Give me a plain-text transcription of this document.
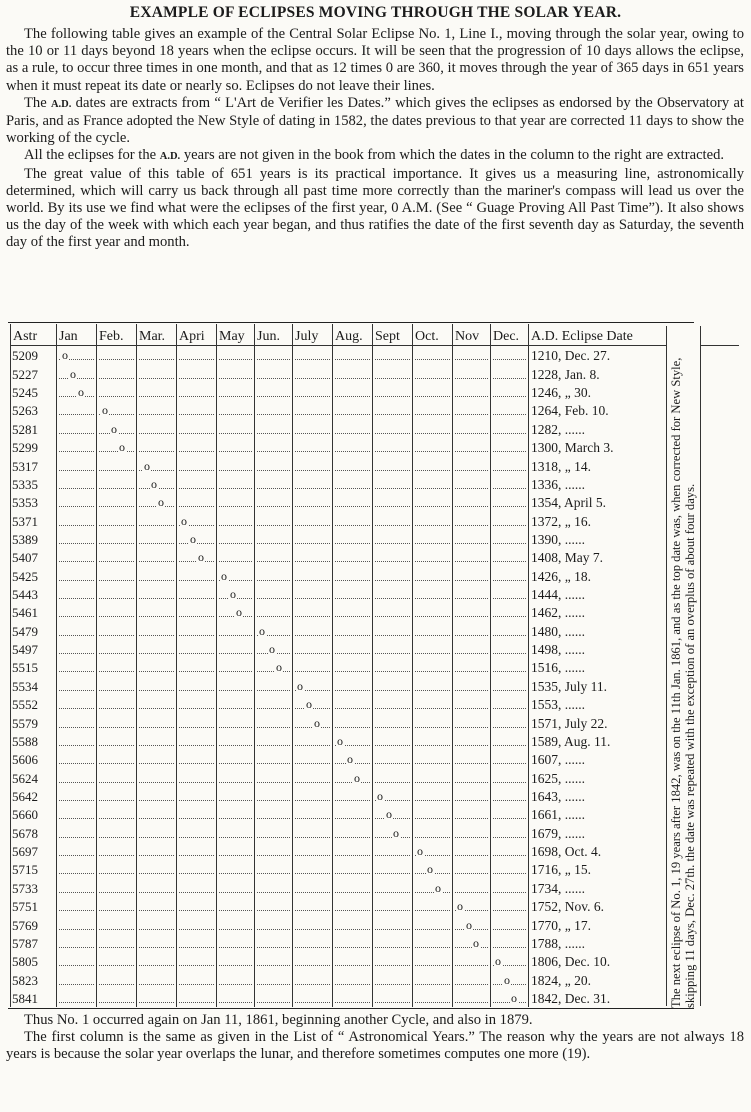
EXAMPLE OF ECLIPSES MOVING THROUGH THE SOLAR YEAR.

The following table gives an example of the Central Solar Eclipse No. 1, Line I., moving through the solar year, owing to the 10 or 11 days beyond 18 years when the eclipse occurs. It will be seen that the progression of 10 days allows the eclipse, as a rule, to occur three times in one month, and that as 12 times 0 are 360, it moves through the year of 365 days in 651 years when it must repeat its date or nearly so. Eclipses do not leave their lines.

The A.D. dates are extracts from “ L'Art de Verifier les Dates.” which gives the eclipses as endorsed by the Observatory at Paris, and as France adopted the New Style of dating in 1582, the dates previous to that year are corrected 11 days to show the working of the cycle.

All the eclipses for the A.D. years are not given in the book from which the dates in the column to the right are extracted.

The great value of this table of 651 years is its practical importance. It gives us a measuring line, astronomically determined, which will carry us back through all past time more correctly than the mariner's compass will lead us over the world. By its use we find what were the eclipses of the first year, 0 A.M. (See “ Guage Proving All Past Time”). It also shows us the day of the week with which each year began, and thus ratifies the date of the first seventh day as Saturday, the seventh day of the first year and month.

Astr	Jan	Feb.	Mar.	Apri	May	Jun.	July	Aug.	Sept	Oct.	Nov	Dec.	A.D. Eclipse Date
5209	o												1210, Dec. 27.
5227	o												1228, Jan. 8.
5245	o												1246, „ 30.
5263		o											1264, Feb. 10.
5281		o											1282, ......
5299		o											1300, March 3.
5317			o										1318, „ 14.
5335			o										1336, ......
5353			o										1354, April 5.
5371				o									1372, „ 16.
5389				o									1390, ......
5407				o									1408, May 7.
5425					o								1426, „ 18.
5443					o								1444, ......
5461					o								1462, ......
5479						o							1480, ......
5497						o							1498, ......
5515						o							1516, ......
5534							o						1535, July 11.
5552							o						1553, ......
5579							o						1571, July 22.
5588								o					1589, Aug. 11.
5606								o					1607, ......
5624								o					1625, ......
5642									o				1643, ......
5660									o				1661, ......
5678									o				1679, ......
5697										o			1698, Oct. 4.
5715										o			1716, „ 15.
5733										o			1734, ......
5751											o		1752, Nov. 6.
5769											o		1770, „ 17.
5787											o		1788, ......
5805												o	1806, Dec. 10.
5823												o	1824, „ 20.
5841												o	1842, Dec. 31.	The next eclipse of No. 1, 19 years after 1842, was on the 11th Jan. 1861, and as the top date was, when corrected for New Style, skipping 11 days, Dec. 27th. the date was repeated with the exception of an overplus of about four days.

Thus No. 1 occurred again on Jan 11, 1861, beginning another Cycle, and also in 1879.

The first column is the same as given in the List of “ Astronomical Years.” The reason why the years are not always 18 years is because the solar year overlaps the lunar, and therefore sometimes computes one more (19).
